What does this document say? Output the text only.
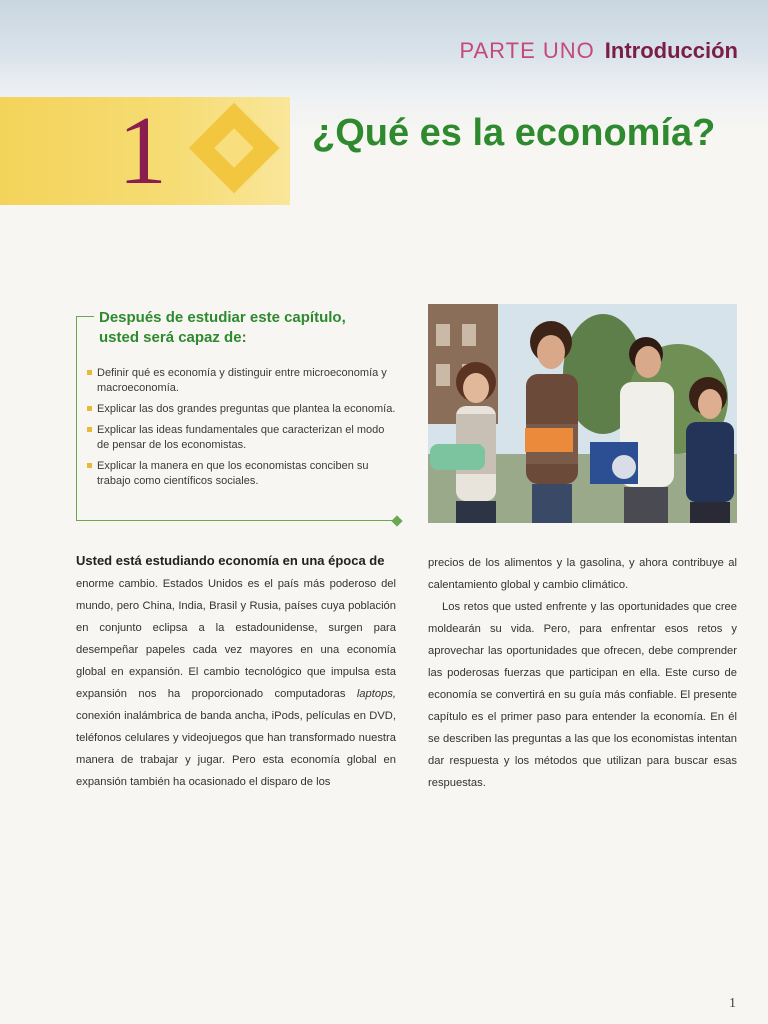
PARTE UNO Introducción
1	¿Qué es la economía?
Después de estudiar este capítulo, usted será capaz de:
Definir qué es economía y distinguir entre microeconomía y macroeconomía.
Explicar las dos grandes preguntas que plantea la economía.
Explicar las ideas fundamentales que caracterizan el modo de pensar de los economistas.
Explicar la manera en que los economistas conciben su trabajo como científicos sociales.

Usted está estudiando economía en una época de
enorme cambio. Estados Unidos es el país más poderoso del mundo, pero China, India, Brasil y Rusia, países cuya población en conjunto eclipsa a la estadounidense, surgen para desempeñar papeles cada vez mayores en una economía global en expansión. El cambio tecnológico que impulsa esta expansión nos ha proporcionado computadoras laptops, conexión inalámbrica de banda ancha, iPods, películas en DVD, teléfonos celulares y videojuegos que han transformado nuestra manera de trabajar y jugar. Pero esta economía global en expansión también ha ocasionado el disparo de los

precios de los alimentos y la gasolina, y ahora contribuye al calentamiento global y cambio climático.

Los retos que usted enfrente y las oportunidades que cree moldearán su vida. Pero, para enfrentar esos retos y aprovechar las oportunidades que ofrecen, debe comprender las poderosas fuerzas que participan en ella. Este curso de economía se convertirá en su guía más confiable. El presente capítulo es el primer paso para entender la economía. En él se describen las preguntas a las que los economistas intentan dar respuesta y los métodos que utilizan para buscar esas respuestas.

1
